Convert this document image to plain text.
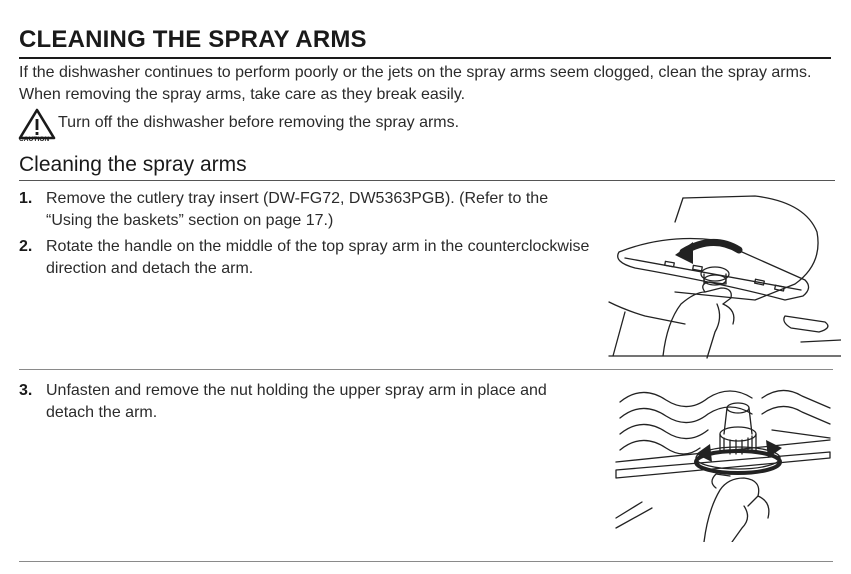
CLEANING THE SPRAY ARMS

If the dishwasher continues to perform poorly or the jets on the spray arms seem clogged, clean the spray arms. When removing the spray arms, take care as they break easily.

CAUTION

Turn off the dishwasher before removing the spray arms.

Cleaning the spray arms
1. Remove the cutlery tray insert (DW-FG72, DW5363PGB). (Refer to the “Using the baskets” section on page 17.)
2. Rotate the handle on the middle of the top spray arm in the counterclockwise direction and detach the arm.
3. Unfasten and remove the nut holding the upper spray arm in place and detach the arm.
